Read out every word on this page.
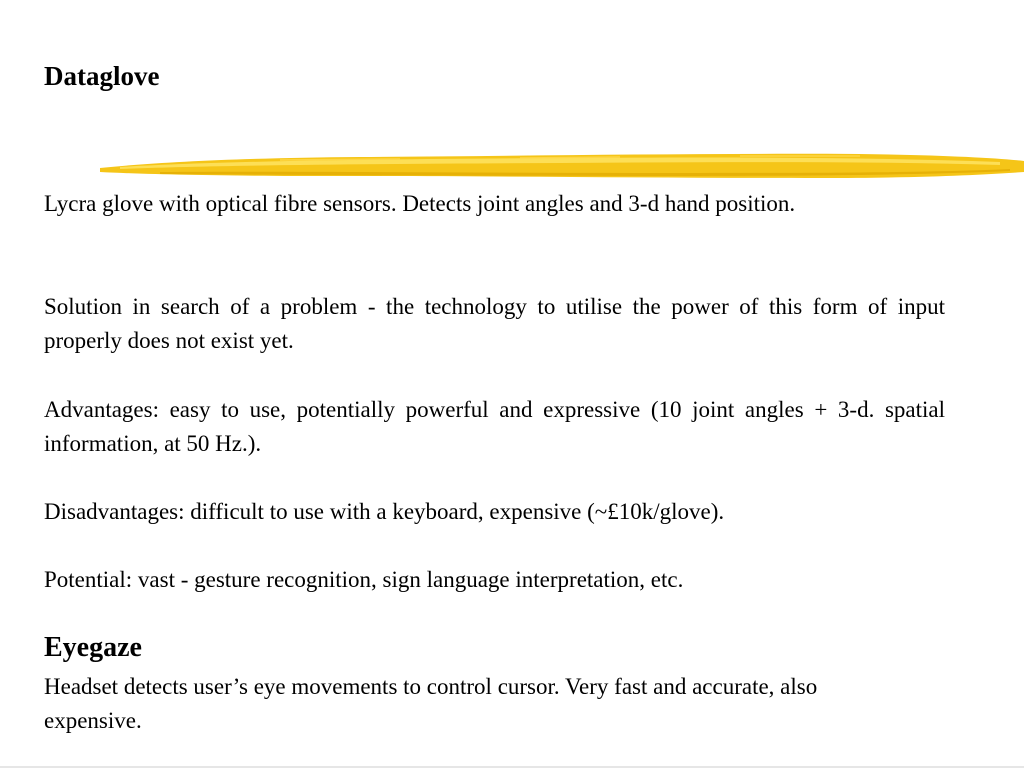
Dataglove
Lycra glove with optical fibre sensors. Detects joint angles and 3-d hand position.
Solution in search of a problem - the technology to utilise the power of this form of input properly does not exist yet.
Advantages: easy to use, potentially powerful and expressive (10 joint angles + 3-d. spatial information, at 50 Hz.).
Disadvantages: difficult to use with a keyboard, expensive (~£10k/glove).
Potential: vast - gesture recognition, sign language interpretation, etc.
Eyegaze
Headset detects user’s eye movements to control cursor. Very fast and accurate, also expensive.
